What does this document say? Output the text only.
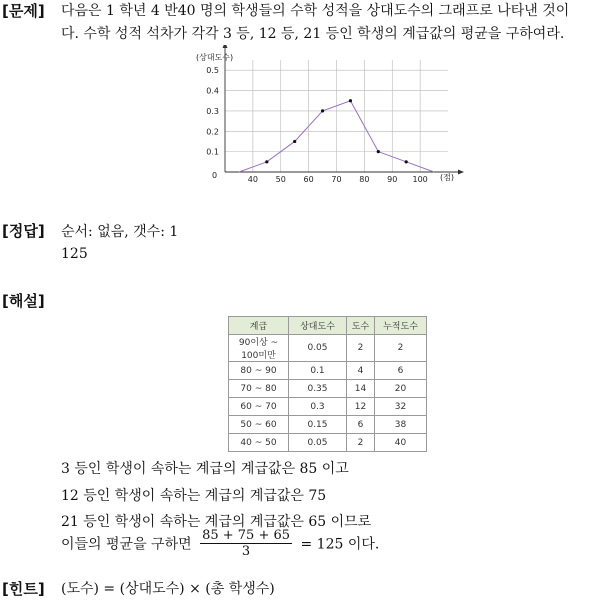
[문제] 다음은 1 학년 4 반40 명의 학생들의 수학 성적을 상대도수의 그래프로 나타낸 것이
다. 수학 성적 석차가 각각 3 등, 12 등, 21 등인 학생의 계급값의 평균을 구하여라.
40 50 60 70 80 90 100
0.1
0.2
0.3
0.4
0.5
(상대도수)
(점)
0
[정답] 순서: 없음, 갯수: 1
125
[해설]
계급	상대도수	도수	누적도수
90이상 ~ 100미만	0.05	2	2
80 ~ 90	0.1	4	6
70 ~ 80	0.35	14	20
60 ~ 70	0.3	12	32
50 ~ 60	0.15	6	38
40 ~ 50	0.05	2	40
3 등인 학생이 속하는 계급의 계급값은 85 이고
12 등인 학생이 속하는 계급의 계급값은 75
21 등인 학생이 속하는 계급의 계급값은 65 이므로
이들의 평균을 구하면 $\frac{85 + 75 + 65}{3} = 125$ 이다.
[힌트] (도수) = (상대도수) × (총 학생수)
